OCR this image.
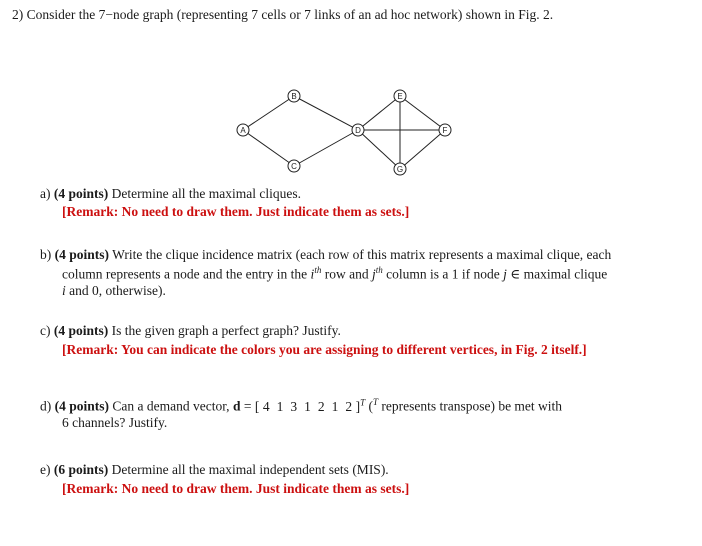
2) Consider the 7−node graph (representing 7 cells or 7 links of an ad hoc network) shown in Fig. 2.
A
B
C
D
E
F
G
a) (4 points) Determine all the maximal cliques.
[Remark: No need to draw them. Just indicate them as sets.]
b) (4 points) Write the clique incidence matrix (each row of this matrix represents a maximal clique, each
column represents a node and the entry in the $i^{th}$ row and $j^{th}$ column is a 1 if node j ∈ maximal clique
i and 0, otherwise).
c) (4 points) Is the given graph a perfect graph? Justify.
[Remark: You can indicate the colors you are assigning to different vertices, in Fig. 2 itself.]
d) (4 points) Can a demand vector, d = [ 4 1 3 1 2 1 2 ]$^T$ ($^T$ represents transpose) be met with
6 channels? Justify.
e) (6 points) Determine all the maximal independent sets (MIS).
[Remark: No need to draw them. Just indicate them as sets.]
